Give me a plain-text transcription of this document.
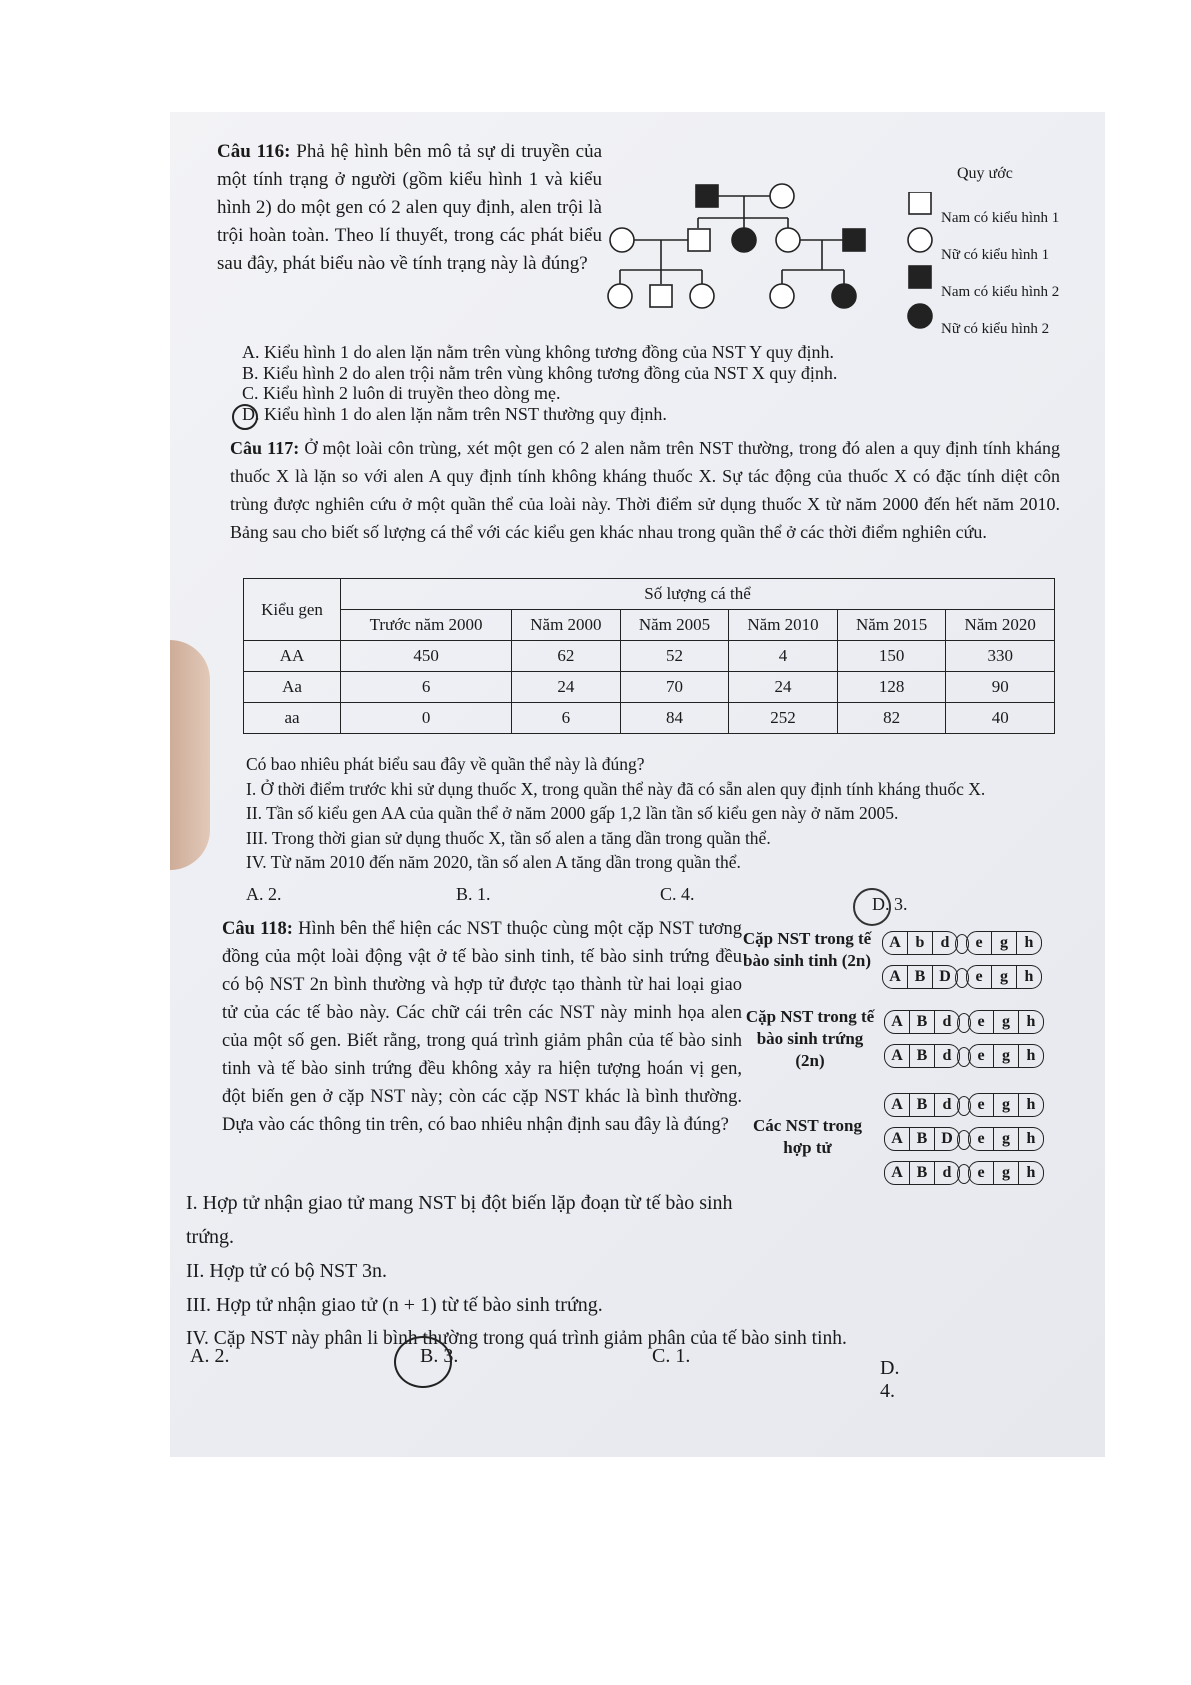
Câu 116: Phả hệ hình bên mô tả sự di truyền của một tính trạng ở người (gồm kiểu hình 1 và kiểu hình 2) do một gen có 2 alen quy định, alen trội là trội hoàn toàn. Theo lí thuyết, trong các phát biểu sau đây, phát biểu nào về tính trạng này là đúng?
Quy ước
Nam có kiểu hình 1
Nữ có kiểu hình 1
Nam có kiểu hình 2
Nữ có kiểu hình 2
A. Kiểu hình 1 do alen lặn nằm trên vùng không tương đồng của NST Y quy định.
B. Kiểu hình 2 do alen trội nằm trên vùng không tương đồng của NST X quy định.
C. Kiểu hình 2 luôn di truyền theo dòng mẹ.
D. Kiểu hình 1 do alen lặn nằm trên NST thường quy định.
Câu 117: Ở một loài côn trùng, xét một gen có 2 alen nằm trên NST thường, trong đó alen a quy định tính kháng thuốc X là lặn so với alen A quy định tính không kháng thuốc X. Sự tác động của thuốc X có đặc tính diệt côn trùng được nghiên cứu ở một quần thể của loài này. Thời điểm sử dụng thuốc X từ năm 2000 đến hết năm 2010. Bảng sau cho biết số lượng cá thể với các kiểu gen khác nhau trong quần thể ở các thời điểm nghiên cứu.
Kiểu gen	Số lượng cá thể					
	Trước năm 2000	Năm 2000	Năm 2005	Năm 2010	Năm 2015	Năm 2020
AA	450	62	52	4	150	330
Aa	6	24	70	24	128	90
aa	0	6	84	252	82	40
Có bao nhiêu phát biểu sau đây về quần thể này là đúng?
I. Ở thời điểm trước khi sử dụng thuốc X, trong quần thể này đã có sẵn alen quy định tính kháng thuốc X.
II. Tần số kiểu gen AA của quần thể ở năm 2000 gấp 1,2 lần tần số kiểu gen này ở năm 2005.
III. Trong thời gian sử dụng thuốc X, tần số alen a tăng dần trong quần thể.
IV. Từ năm 2010 đến năm 2020, tần số alen A tăng dần trong quần thể.
A. 2.	B. 1.	C. 4.	D. 3.
Câu 118: Hình bên thể hiện các NST thuộc cùng một cặp NST tương đồng của một loài động vật ở tế bào sinh tinh, tế bào sinh trứng đều có bộ NST 2n bình thường và hợp tử được tạo thành từ hai loại giao tử của các tế bào này. Các chữ cái trên các NST này minh họa alen của một số gen. Biết rằng, trong quá trình giảm phân của tế bào sinh tinh và tế bào sinh trứng đều không xảy ra hiện tượng hoán vị gen, đột biến gen ở cặp NST này; còn các cặp NST khác là bình thường. Dựa vào các thông tin trên, có bao nhiêu nhận định sau đây là đúng?
I. Hợp tử nhận giao tử mang NST bị đột biến lặp đoạn từ tế bào sinh trứng.
II. Hợp tử có bộ NST 3n.
III. Hợp tử nhận giao tử (n + 1) từ tế bào sinh trứng.
IV. Cặp NST này phân li bình thường trong quá trình giảm phân của tế bào sinh tinh.
A. 2.	B. 3.	C. 1.
D. 4.
Cặp NST trong tế bào sinh tinh (2n)
Cặp NST trong tế bào sinh trứng (2n)
Các NST trong hợp tử
A b	d	e	g	h
A B D	e	g	h
A B d	e	g	h
A B d	e	g	h
A B d	e	g	h
A B D	e	g	h
A B d	e	g	h
